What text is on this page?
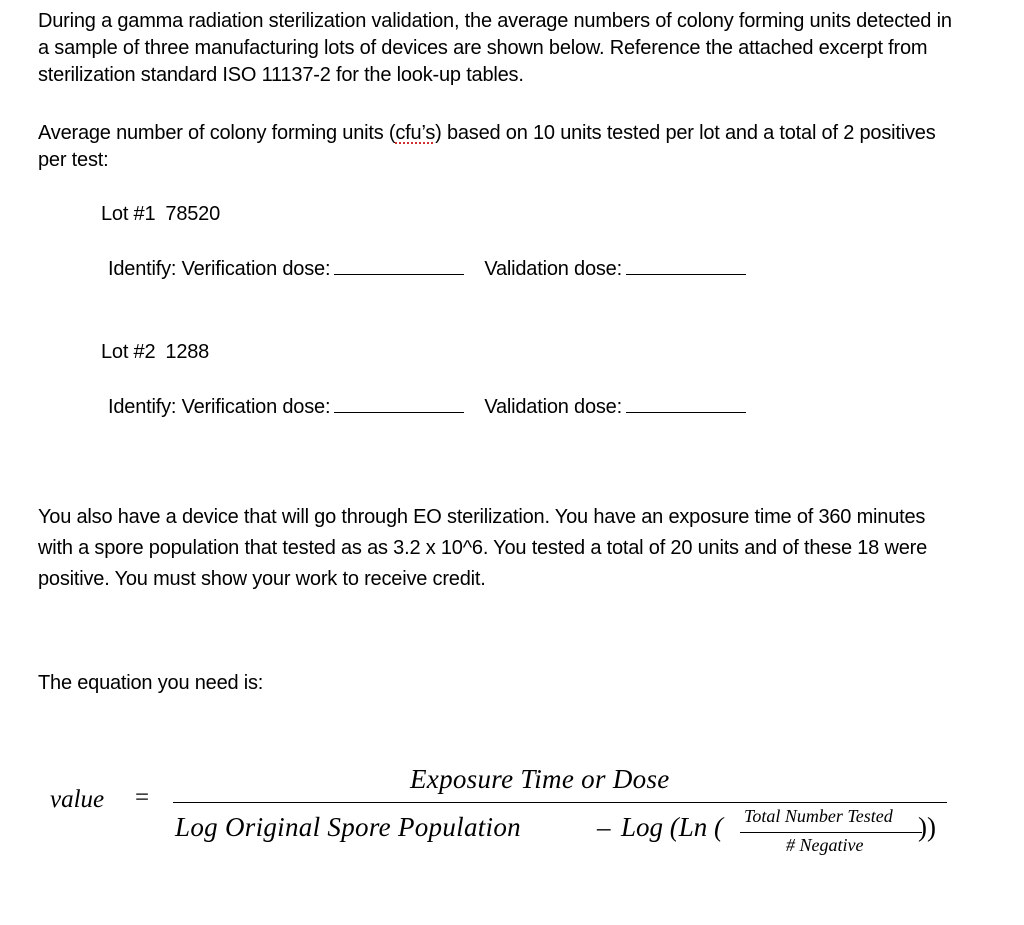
During a gamma radiation sterilization validation, the average numbers of colony forming units detected in a sample of three manufacturing lots of devices are shown below. Reference the attached excerpt from sterilization standard ISO 11137-2 for the look-up tables.
Average number of colony forming units (cfu’s) based on 10 units tested per lot and a total of 2 positives per test:
Lot #1 78520
Identify: Verification dose:	Validation dose:
Lot #2 1288
Identify: Verification dose:	Validation dose:
You also have a device that will go through EO sterilization. You have an exposure time of 360 minutes with a spore population that tested as as 3.2 x 10^6. You tested a total of 20 units and of these 18 were positive. You must show your work to receive credit.
The equation you need is:
value =
Exposure Time or Dose
Log Original Spore Population	– Log (Ln ( Total Number Tested
# Negative
))
